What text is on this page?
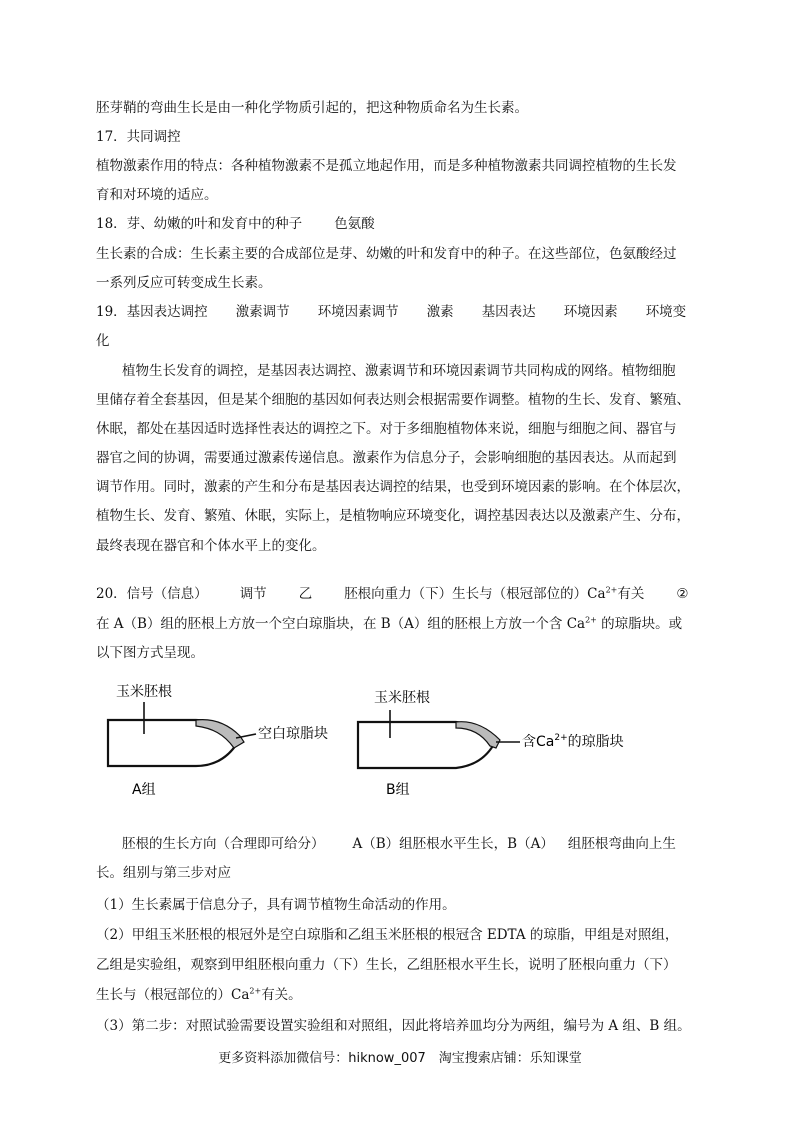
胚芽鞘的弯曲生长是由一种化学物质引起的，把这种物质命名为生长素。
17．共同调控
植物激素作用的特点：各种植物激素不是孤立地起作用，而是多种植物激素共同调控植物的生长发
育和对环境的适应。
18．芽、幼嫩的叶和发育中的种子 色氨酸
生长素的合成：生长素主要的合成部位是芽、幼嫩的叶和发育中的种子。在这些部位，色氨酸经过
一系列反应可转变成生长素。
19．基因表达调控 激素调节 环境因素调节 激素 基因表达 环境因素 环境变
化
植物生长发育的调控，是基因表达调控、激素调节和环境因素调节共同构成的网络。植物细胞
里储存着全套基因，但是某个细胞的基因如何表达则会根据需要作调整。植物的生长、发育、繁殖、
休眠，都处在基因适时选择性表达的调控之下。对于多细胞植物体来说，细胞与细胞之间、器官与
器官之间的协调，需要通过激素传递信息。激素作为信息分子，会影响细胞的基因表达。从而起到
调节作用。同时，激素的产生和分布是基因表达调控的结果，也受到环境因素的影响。在个体层次，
植物生长、发育、繁殖、休眠，实际上，是植物响应环境变化，调控基因表达以及激素产生、分布，
最终表现在器官和个体水平上的变化。
20．信号（信息） 调节 乙 胚根向重力（下）生长与（根冠部位的）$Ca^{2+}$有关 ②
在 A（B）组的胚根上方放一个空白琼脂块，在 B（A）组的胚根上方放一个含 $Ca^{2+}$ 的琼脂块。或
以下图方式呈现。
玉米胚根
空白琼脂块
A组
玉米胚根
含$Ca^{2+}$的琼脂块
B组
胚根的生长方向（合理即可给分） A（B）组胚根水平生长，B（A） 组胚根弯曲向上生
长。组别与第三步对应
（1）生长素属于信息分子，具有调节植物生命活动的作用。
（2）甲组玉米胚根的根冠外是空白琼脂和乙组玉米胚根的根冠含 EDTA 的琼脂，甲组是对照组，
乙组是实验组，观察到甲组胚根向重力（下）生长，乙组胚根水平生长，说明了胚根向重力（下）
生长与（根冠部位的）$Ca^{2+}$有关。
（3）第二步：对照试验需要设置实验组和对照组，因此将培养皿均分为两组，编号为 A 组、B 组。
更多资料添加微信号：hiknow_007　淘宝搜索店铺：乐知课堂
